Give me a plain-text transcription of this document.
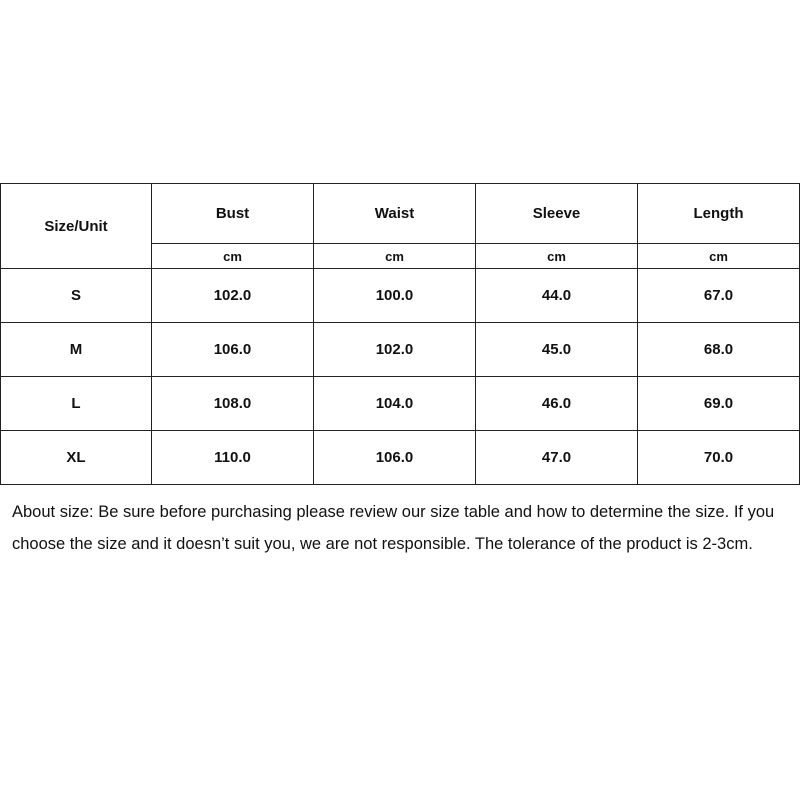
Size/Unit	Bust	Waist	Sleeve	Length
	cm	cm	cm	cm
S	102.0	100.0	44.0	67.0
M	106.0	102.0	45.0	68.0
L	108.0	104.0	46.0	69.0
XL	110.0	106.0	47.0	70.0

About size: Be sure before purchasing please review our size table and how to determine the size. If you choose the size and it doesn’t suit you, we are not responsible. The tolerance of the product is 2-3cm.
